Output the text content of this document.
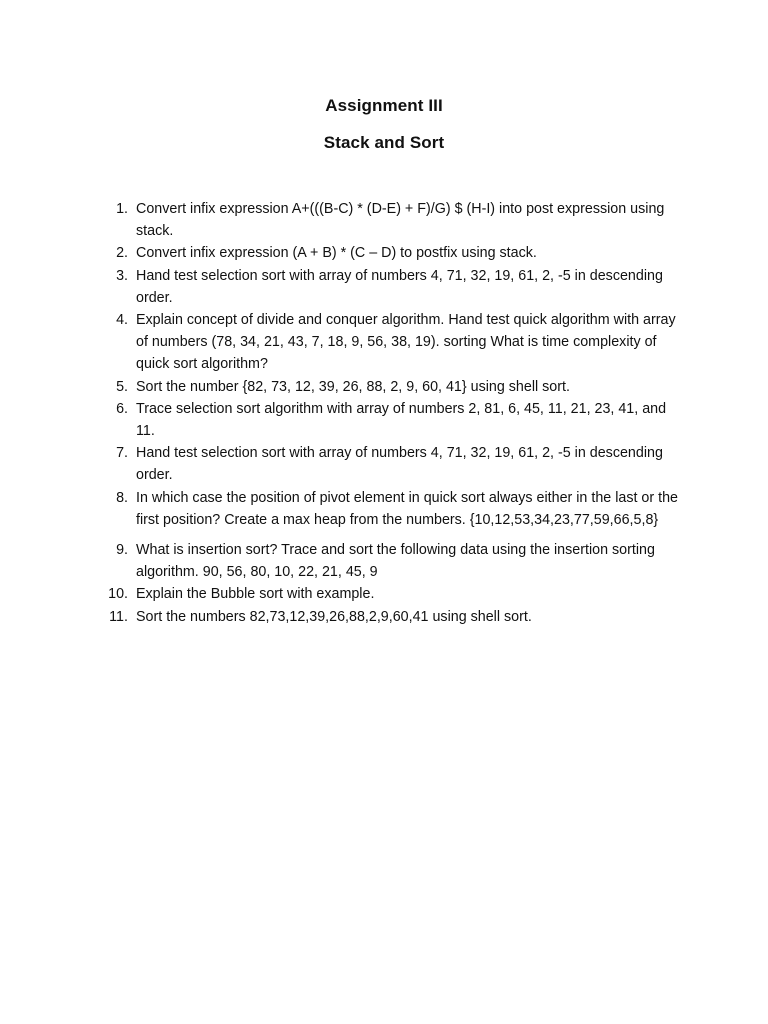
Assignment III
Stack and Sort
1. Convert infix expression A+(((B-C) * (D-E) + F)/G) $ (H-I) into post expression using stack.
2. Convert infix expression (A + B) * (C – D) to postfix using stack.
3. Hand test selection sort with array of numbers 4, 71, 32, 19, 61, 2, -5 in descending order.
4. Explain concept of divide and conquer algorithm. Hand test quick algorithm with array of numbers (78, 34, 21, 43, 7, 18, 9, 56, 38, 19). sorting What is time complexity of quick sort algorithm?
5. Sort the number {82, 73, 12, 39, 26, 88, 2, 9, 60, 41} using shell sort.
6. Trace selection sort algorithm with array of numbers 2, 81, 6, 45, 11, 21, 23, 41, and 11.
7. Hand test selection sort with array of numbers 4, 71, 32, 19, 61, 2, -5 in descending order.
8. In which case the position of pivot element in quick sort always either in the last or the first position? Create a max heap from the numbers. {10,12,53,34,23,77,59,66,5,8}
9. What is insertion sort? Trace and sort the following data using the insertion sorting algorithm. 90, 56, 80, 10, 22, 21, 45, 9
10. Explain the Bubble sort with example.
11. Sort the numbers 82,73,12,39,26,88,2,9,60,41 using shell sort.
